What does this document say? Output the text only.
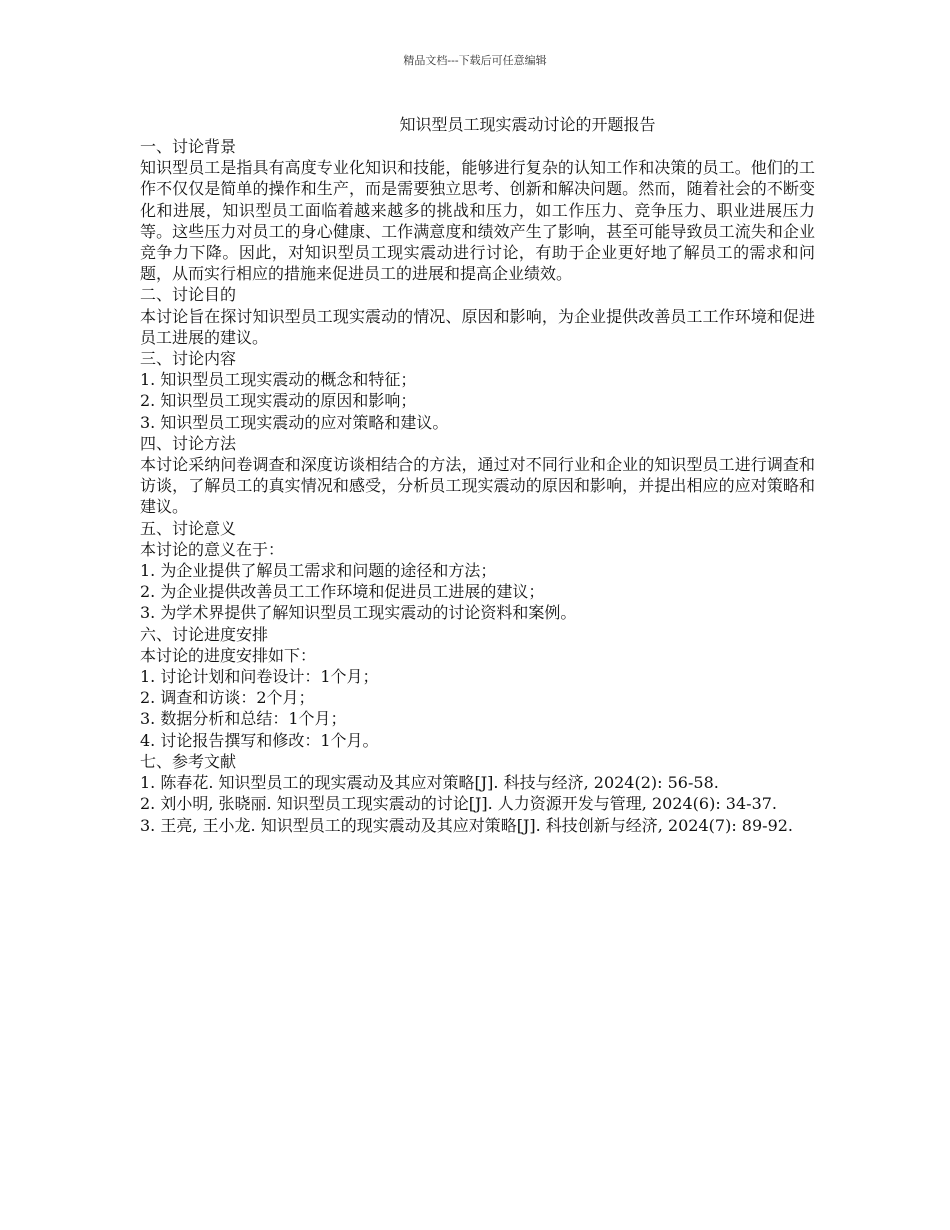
精品文档---下载后可任意编辑

知识型员工现实震动讨论的开题报告

一、讨论背景

知识型员工是指具有高度专业化知识和技能，能够进行复杂的认知工作和决策的员工。他们的工作不仅仅是简单的操作和生产，而是需要独立思考、创新和解决问题。然而，随着社会的不断变化和进展，知识型员工面临着越来越多的挑战和压力，如工作压力、竞争压力、职业进展压力等。这些压力对员工的身心健康、工作满意度和绩效产生了影响，甚至可能导致员工流失和企业竞争力下降。因此，对知识型员工现实震动进行讨论，有助于企业更好地了解员工的需求和问题，从而实行相应的措施来促进员工的进展和提高企业绩效。

二、讨论目的

本讨论旨在探讨知识型员工现实震动的情况、原因和影响，为企业提供改善员工工作环境和促进员工进展的建议。

三、讨论内容

1. 知识型员工现实震动的概念和特征；

2. 知识型员工现实震动的原因和影响；

3. 知识型员工现实震动的应对策略和建议。

四、讨论方法

本讨论采纳问卷调查和深度访谈相结合的方法，通过对不同行业和企业的知识型员工进行调查和访谈，了解员工的真实情况和感受，分析员工现实震动的原因和影响，并提出相应的应对策略和建议。

五、讨论意义

本讨论的意义在于：

1. 为企业提供了解员工需求和问题的途径和方法；

2. 为企业提供改善员工工作环境和促进员工进展的建议；

3. 为学术界提供了解知识型员工现实震动的讨论资料和案例。

六、讨论进度安排

本讨论的进度安排如下：

1. 讨论计划和问卷设计：1个月；

2. 调查和访谈：2个月；

3. 数据分析和总结：1个月；

4. 讨论报告撰写和修改：1个月。

七、参考文献

1. 陈春花. 知识型员工的现实震动及其应对策略[J]. 科技与经济, 2024(2): 56-58.

2. 刘小明, 张晓丽. 知识型员工现实震动的讨论[J]. 人力资源开发与管理, 2024(6): 34-37.

3. 王亮, 王小龙. 知识型员工的现实震动及其应对策略[J]. 科技创新与经济, 2024(7): 89-92.
